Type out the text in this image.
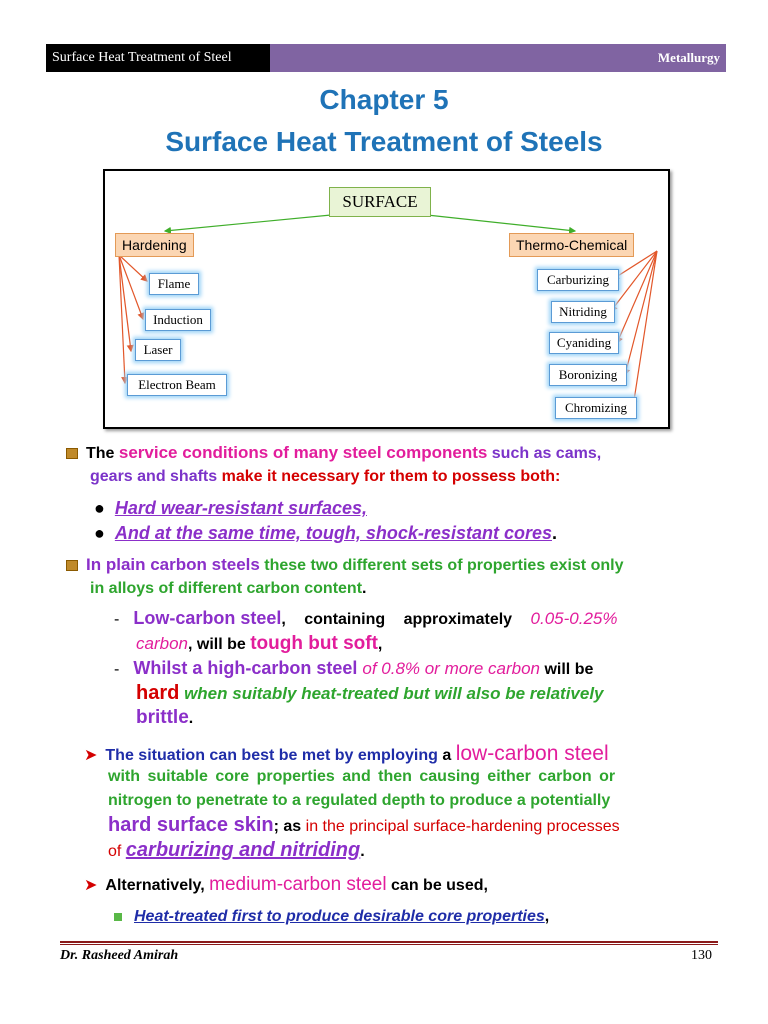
Surface Heat Treatment of Steel	Metallurgy
​
Chapter 5
Surface Heat Treatment of Steels
SURFACE
Hardening	Thermo-Chemical
Flame
Induction
Laser
Electron Beam
Carburizing
Nitriding
Cyaniding
Boronizing
Chromizing
The service conditions of many steel components such as cams,
gears and shafts make it necessary for them to possess both:
● Hard wear-resistant surfaces,
● And at the same time, tough, shock-resistant cores.
In plain carbon steels these two different sets of properties exist only
in alloys of different carbon content.
- Low-carbon steel, containing approximately 0.05-0.25%
carbon, will be tough but soft,
- Whilst a high-carbon steel of 0.8% or more carbon will be
hard when suitably heat-treated but will also be relatively
brittle.
➤ The situation can best be met by employing a low-carbon steel
with suitable core properties and then causing either carbon or
nitrogen to penetrate to a regulated depth to produce a potentially
hard surface skin; as in the principal surface-hardening processes
of carburizing and nitriding.
➤ Alternatively, medium-carbon steel can be used,
Heat-treated first to produce desirable core properties,
Dr. Rasheed Amirah	130
